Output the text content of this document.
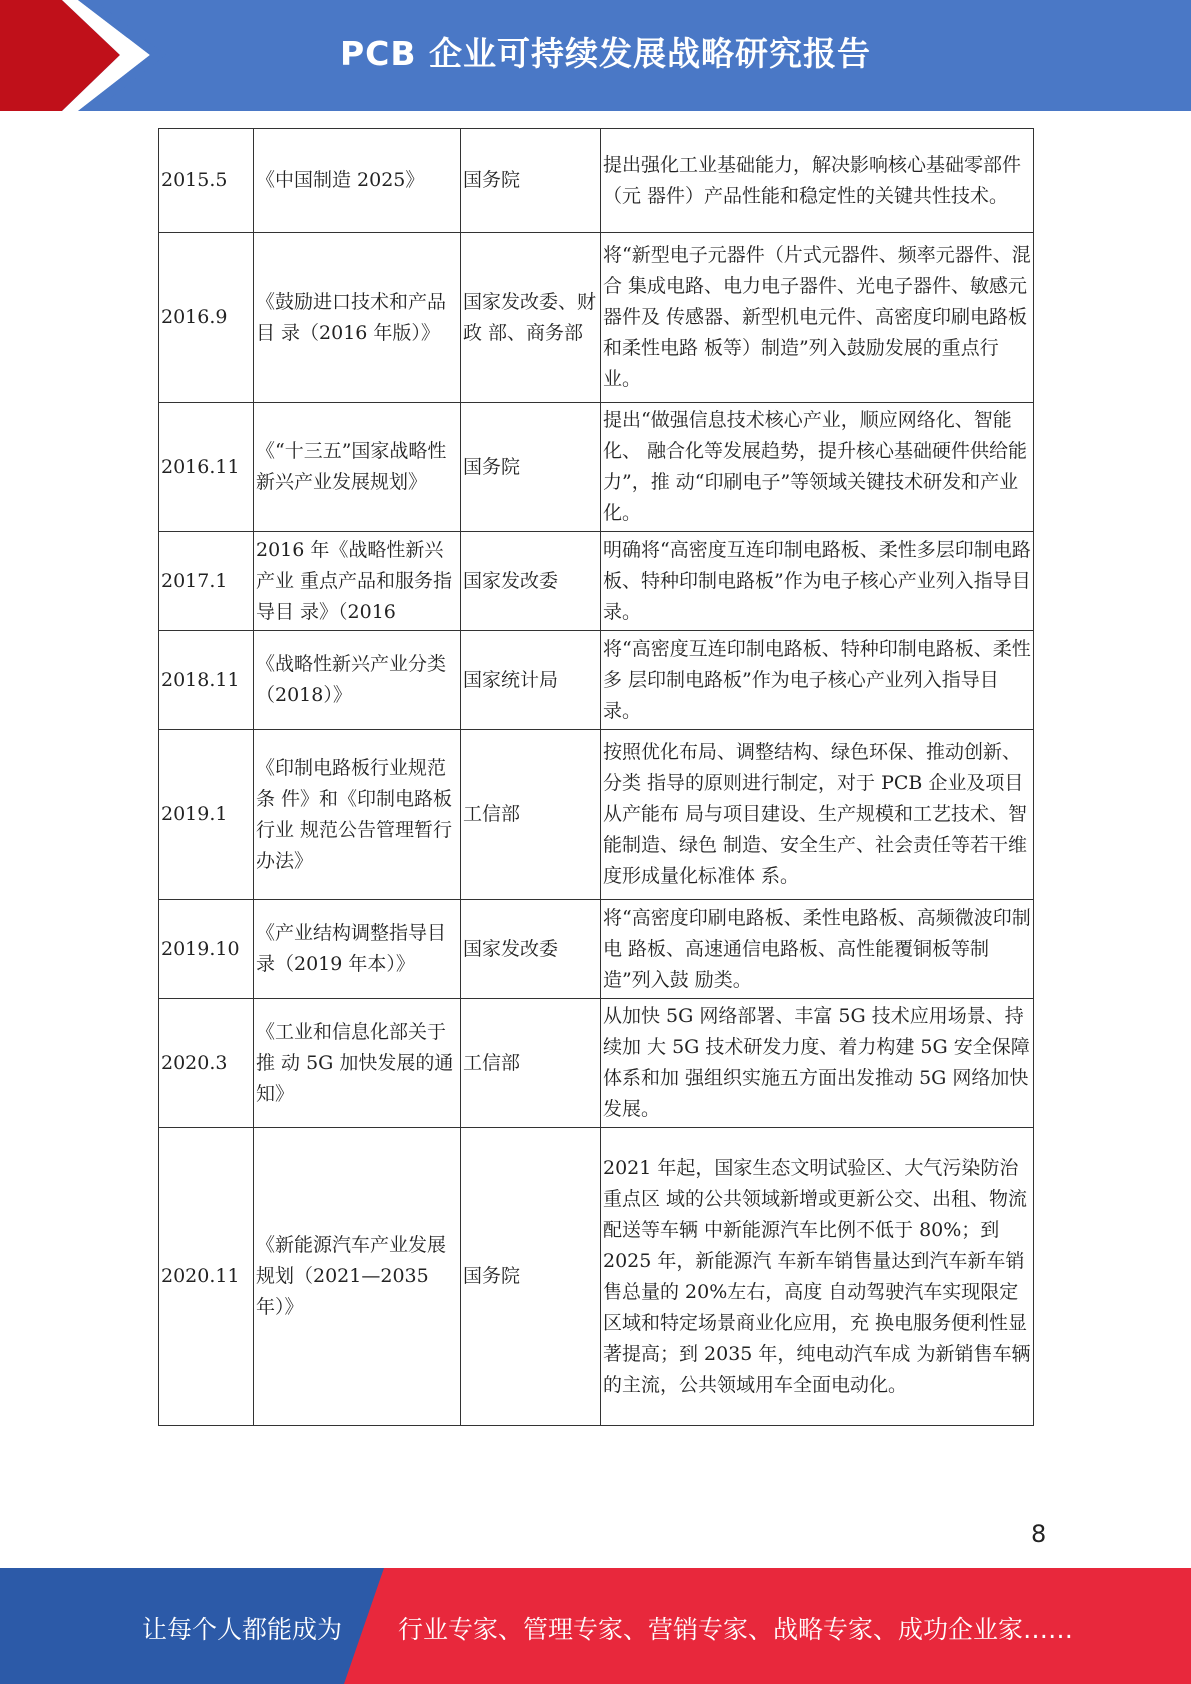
PCB 企业可持续发展战略研究报告
2015.5	《中国制造 2025》	国务院	提出强化工业基础能力，解决影响核心基础零部件（元 器件）产品性能和稳定性的关键共性技术。
2016.9	《鼓励进口技术和产品目 录（2016 年版）》	国家发改委、财政 部、商务部	将“新型电子元器件（片式元器件、频率元器件、混合 集成电路、电力电子器件、光电子器件、敏感元器件及 传感器、新型机电元件、高密度印刷电路板和柔性电路 板等）制造”列入鼓励发展的重点行业。
2016.11	《“十三五”国家战略性 新兴产业发展规划》	国务院	提出“做强信息技术核心产业，顺应网络化、智能化、 融合化等发展趋势，提升核心基础硬件供给能力”，推 动“印刷电子”等领域关键技术研发和产业化。
2017.1	2016 年《战略性新兴产业 重点产品和服务指导目 录》（2016	国家发改委	明确将“高密度互连印制电路板、柔性多层印制电路 板、特种印制电路板”作为电子核心产业列入指导目 录。
2018.11	《战略性新兴产业分类（2018）》	国家统计局	将“高密度互连印制电路板、特种印制电路板、柔性多 层印制电路板”作为电子核心产业列入指导目录。
2019.1	《印制电路板行业规范条 件》和《印制电路板行业 规范公告管理暂行办法》	工信部	按照优化布局、调整结构、绿色环保、推动创新、分类 指导的原则进行制定，对于 PCB 企业及项目从产能布 局与项目建设、生产规模和工艺技术、智能制造、绿色 制造、安全生产、社会责任等若干维度形成量化标准体 系。
2019.10	《产业结构调整指导目录（2019 年本）》	国家发改委	将“高密度印刷电路板、柔性电路板、高频微波印制电 路板、高速通信电路板、高性能覆铜板等制造”列入鼓 励类。
2020.3	《工业和信息化部关于推 动 5G 加快发展的通知》	工信部	从加快 5G 网络部署、丰富 5G 技术应用场景、持续加 大 5G 技术研发力度、着力构建 5G 安全保障体系和加 强组织实施五方面出发推动 5G 网络加快发展。
2020.11	《新能源汽车产业发展规划（2021—2035 年）》	国务院	2021 年起，国家生态文明试验区、大气污染防治重点区 域的公共领域新增或更新公交、出租、物流配送等车辆 中新能源汽车比例不低于 80%；到 2025 年，新能源汽 车新车销售量达到汽车新车销售总量的 20%左右，高度 自动驾驶汽车实现限定区域和特定场景商业化应用，充 换电服务便利性显著提高；到 2035 年，纯电动汽车成 为新销售车辆的主流，公共领域用车全面电动化。
8
让每个人都能成为 行业专家、管理专家、营销专家、战略专家、成功企业家……
